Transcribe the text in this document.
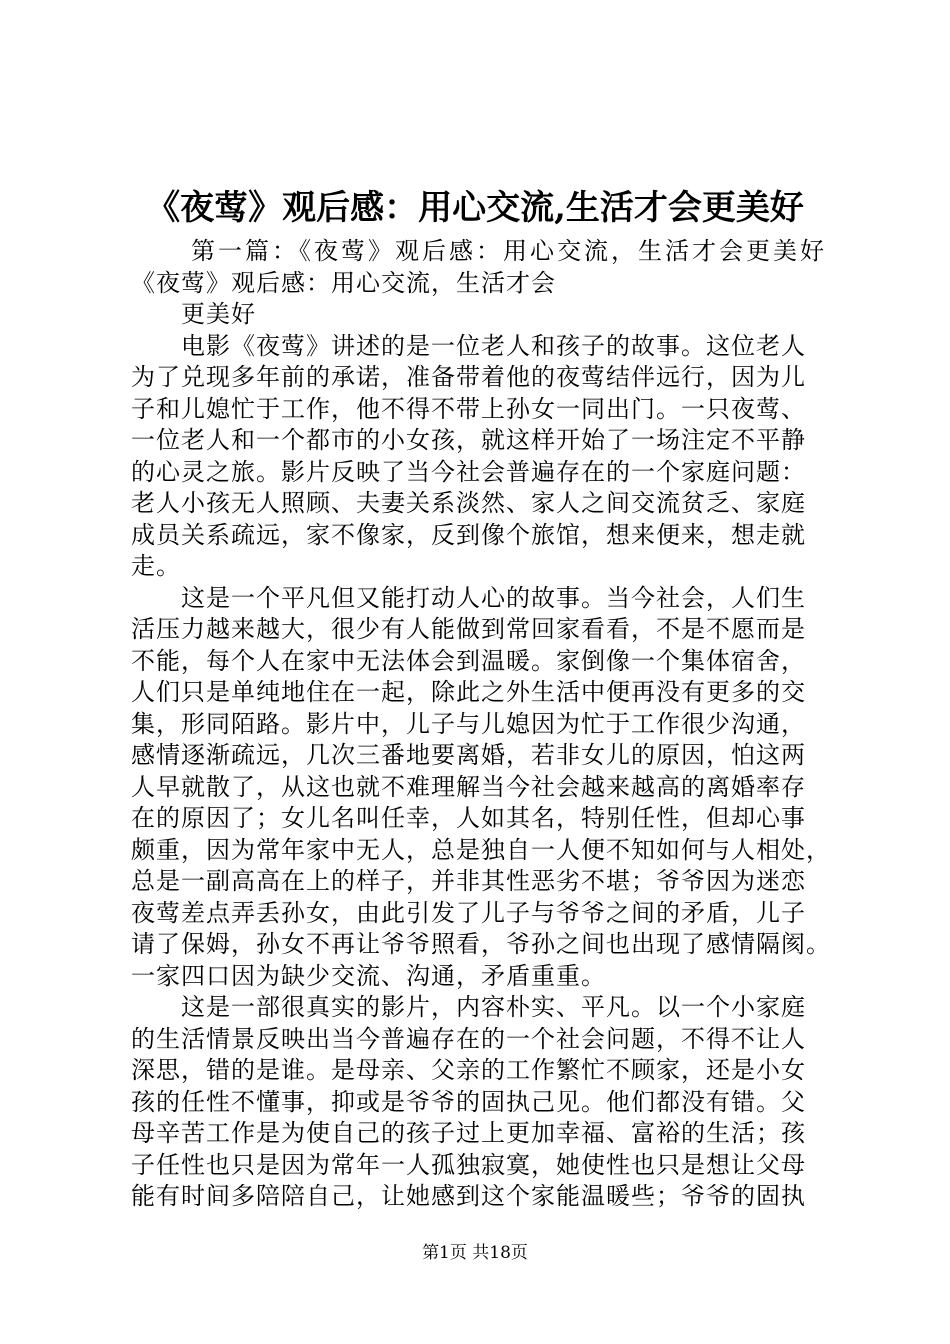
《夜莺》观后感：用心交流,生活才会更美好

第一篇：《夜莺》观后感：用心交流，生活才会更美好

《夜莺》观后感：用心交流，生活才会

更美好

电影《夜莺》讲述的是一位老人和孩子的故事。这位老人

为了兑现多年前的承诺，准备带着他的夜莺结伴远行，因为儿

子和儿媳忙于工作，他不得不带上孙女一同出门。一只夜莺、

一位老人和一个都市的小女孩，就这样开始了一场注定不平静

的心灵之旅。影片反映了当今社会普遍存在的一个家庭问题：

老人小孩无人照顾、夫妻关系淡然、家人之间交流贫乏、家庭

成员关系疏远，家不像家，反到像个旅馆，想来便来，想走就

走。

这是一个平凡但又能打动人心的故事。当今社会，人们生

活压力越来越大，很少有人能做到常回家看看，不是不愿而是

不能，每个人在家中无法体会到温暖。家倒像一个集体宿舍，

人们只是单纯地住在一起，除此之外生活中便再没有更多的交

集，形同陌路。影片中，儿子与儿媳因为忙于工作很少沟通，

感情逐渐疏远，几次三番地要离婚，若非女儿的原因，怕这两

人早就散了，从这也就不难理解当今社会越来越高的离婚率存

在的原因了；女儿名叫任幸，人如其名，特别任性，但却心事

颇重，因为常年家中无人，总是独自一人便不知如何与人相处，

总是一副高高在上的样子，并非其性恶劣不堪；爷爷因为迷恋

夜莺差点弄丢孙女，由此引发了儿子与爷爷之间的矛盾，儿子

请了保姆，孙女不再让爷爷照看，爷孙之间也出现了感情隔阂。

一家四口因为缺少交流、沟通，矛盾重重。

这是一部很真实的影片，内容朴实、平凡。以一个小家庭

的生活情景反映出当今普遍存在的一个社会问题，不得不让人

深思，错的是谁。是母亲、父亲的工作繁忙不顾家，还是小女

孩的任性不懂事，抑或是爷爷的固执己见。他们都没有错。父

母辛苦工作是为使自己的孩子过上更加幸福、富裕的生活；孩

子任性也只是因为常年一人孤独寂寞，她使性也只是想让父母

能有时间多陪陪自己，让她感到这个家能温暖些；爷爷的固执

第1页 共18页
